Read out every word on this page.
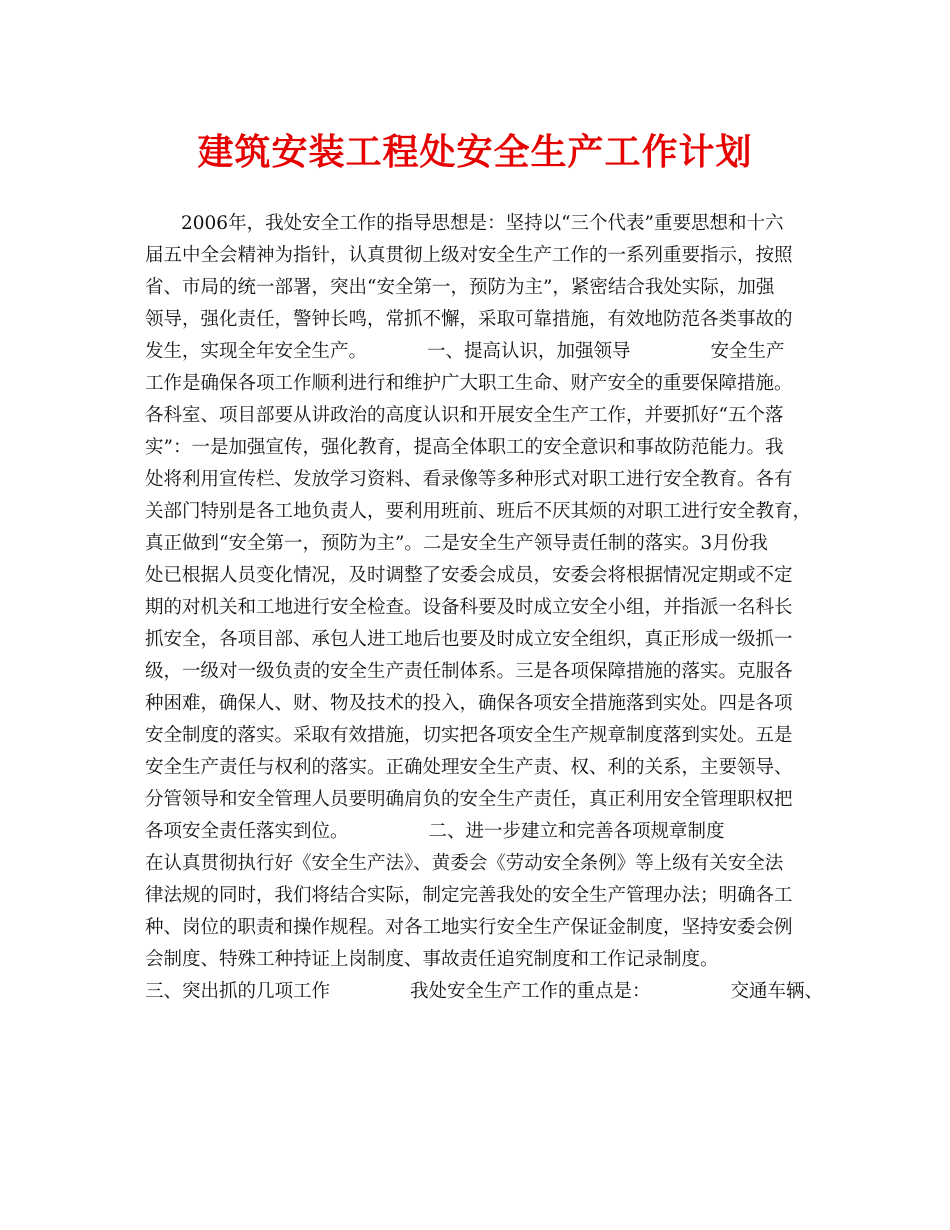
建筑安装工程处安全生产工作计划
2006年，我处安全工作的指导思想是：坚持以“三个代表”重要思想和十六
届五中全会精神为指针，认真贯彻上级对安全生产工作的一系列重要指示，按照
省、市局的统一部署，突出“安全第一，预防为主”，紧密结合我处实际，加强
领导，强化责任，警钟长鸣，常抓不懈，采取可靠措施，有效地防范各类事故的
发生，实现全年安全生产。	一、提高认识，加强领导	安全生产
工作是确保各项工作顺利进行和维护广大职工生命、财产安全的重要保障措施。
各科室、项目部要从讲政治的高度认识和开展安全生产工作，并要抓好“五个落
实”：一是加强宣传，强化教育，提高全体职工的安全意识和事故防范能力。我
处将利用宣传栏、发放学习资料、看录像等多种形式对职工进行安全教育。各有
关部门特别是各工地负责人，要利用班前、班后不厌其烦的对职工进行安全教育，
真正做到“安全第一，预防为主”。二是安全生产领导责任制的落实。3月份我
处已根据人员变化情况，及时调整了安委会成员，安委会将根据情况定期或不定
期的对机关和工地进行安全检查。设备科要及时成立安全小组，并指派一名科长
抓安全，各项目部、承包人进工地后也要及时成立安全组织，真正形成一级抓一
级，一级对一级负责的安全生产责任制体系。三是各项保障措施的落实。克服各
种困难，确保人、财、物及技术的投入，确保各项安全措施落到实处。四是各项
安全制度的落实。采取有效措施，切实把各项安全生产规章制度落到实处。五是
安全生产责任与权利的落实。正确处理安全生产责、权、利的关系，主要领导、
分管领导和安全管理人员要明确肩负的安全生产责任，真正利用安全管理职权把
各项安全责任落实到位。	二、进一步建立和完善各项规章制度
在认真贯彻执行好《安全生产法》、黄委会《劳动安全条例》等上级有关安全法
律法规的同时，我们将结合实际，制定完善我处的安全生产管理办法；明确各工
种、岗位的职责和操作规程。对各工地实行安全生产保证金制度，坚持安委会例
会制度、特殊工种持证上岗制度、事故责任追究制度和工作记录制度。
三、突出抓的几项工作	我处安全生产工作的重点是：	交通车辆、
